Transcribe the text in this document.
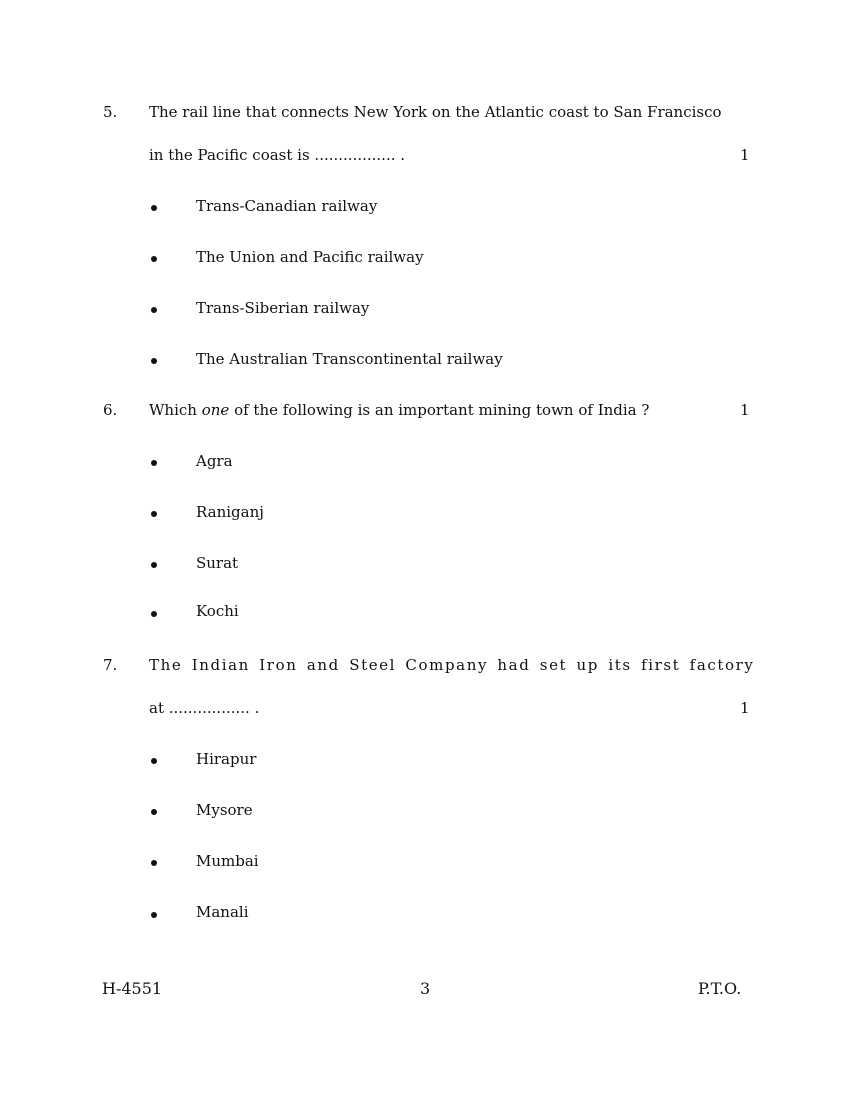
5. The rail line that connects New York on the Atlantic coast to San Francisco
in the Pacific coast is ................. .	1
Trans-Canadian railway
The Union and Pacific railway
Trans-Siberian railway
The Australian Transcontinental railway
6. Which one of the following is an important mining town of India ?	1
Agra
Raniganj
Surat
Kochi
7. The Indian Iron and Steel Company had set up its first factory
at ................. .	1
Hirapur
Mysore
Mumbai
Manali
H-4551	3	P.T.O.
